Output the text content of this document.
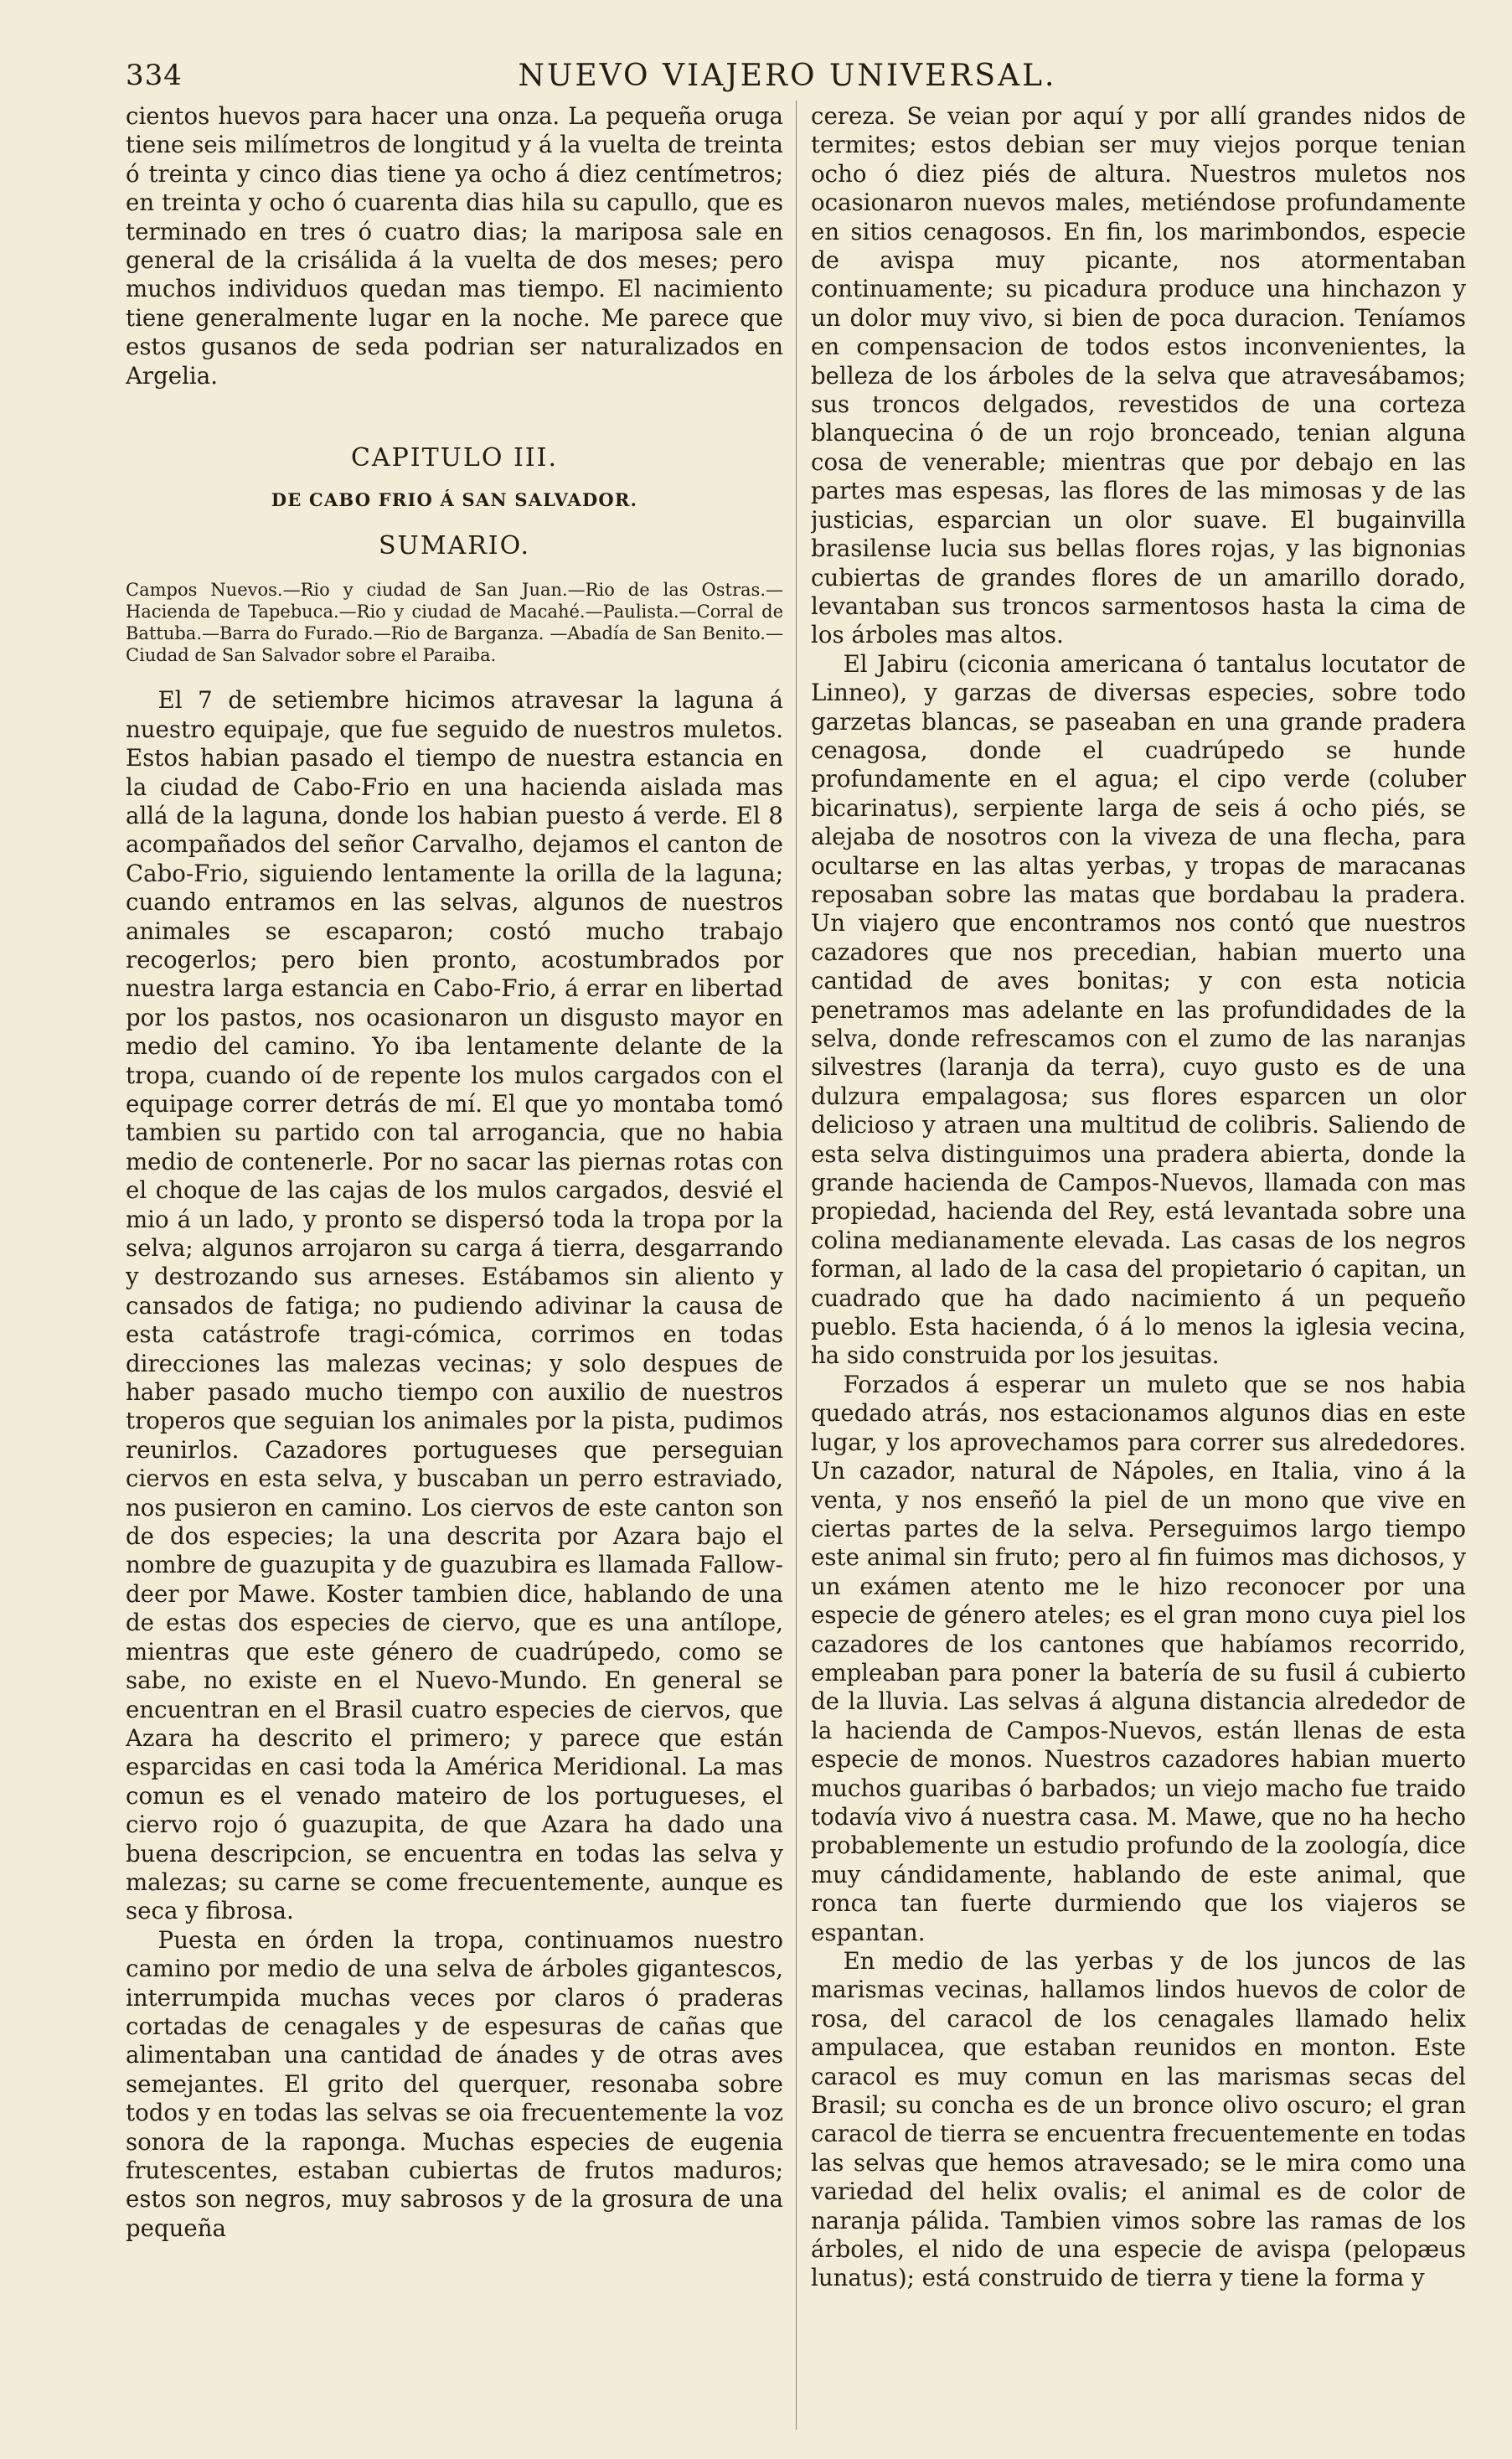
334	NUEVO VIAJERO UNIVERSAL.

cientos huevos para hacer una onza. La pequeña oruga tiene seis milímetros de longitud y á la vuelta de treinta ó treinta y cinco dias tiene ya ocho á diez centímetros; en treinta y ocho ó cuarenta dias hila su capullo, que es terminado en tres ó cuatro dias; la mariposa sale en general de la crisálida á la vuelta de dos meses; pero muchos individuos quedan mas tiempo. El nacimiento tiene generalmente lugar en la noche. Me parece que estos gusanos de seda podrian ser naturalizados en Argelia.

CAPITULO III.
DE CABO FRIO Á SAN SALVADOR.
SUMARIO.

Campos Nuevos.—Rio y ciudad de San Juan.—Rio de las Ostras.—Hacienda de Tapebuca.—Rio y ciudad de Macahé.—Paulista.—Corral de Battuba.—Barra do Furado.—Rio de Barganza. —Abadía de San Benito.—Ciudad de San Salvador sobre el Paraiba.

El 7 de setiembre hicimos atravesar la laguna á nuestro equipaje, que fue seguido de nuestros muletos. Estos habian pasado el tiempo de nuestra estancia en la ciudad de Cabo-Frio en una hacienda aislada mas allá de la laguna, donde los habian puesto á verde. El 8 acompañados del señor Carvalho, dejamos el canton de Cabo-Frio, siguiendo lentamente la orilla de la laguna; cuando entramos en las selvas, algunos de nuestros animales se escaparon; costó mucho trabajo recogerlos; pero bien pronto, acostumbrados por nuestra larga estancia en Cabo-Frio, á errar en libertad por los pastos, nos ocasionaron un disgusto mayor en medio del camino. Yo iba lentamente delante de la tropa, cuando oí de repente los mulos cargados con el equipage correr detrás de mí. El que yo montaba tomó tambien su partido con tal arrogancia, que no habia medio de contenerle. Por no sacar las piernas rotas con el choque de las cajas de los mulos cargados, desvié el mio á un lado, y pronto se dispersó toda la tropa por la selva; algunos arrojaron su carga á tierra, desgarrando y destrozando sus arneses. Estábamos sin aliento y cansados de fatiga; no pudiendo adivinar la causa de esta catástrofe tragi-cómica, corrimos en todas direcciones las malezas vecinas; y solo despues de haber pasado mucho tiempo con auxilio de nuestros troperos que seguian los animales por la pista, pudimos reunirlos. Cazadores portugueses que perseguian ciervos en esta selva, y buscaban un perro estraviado, nos pusieron en camino. Los ciervos de este canton son de dos especies; la una descrita por Azara bajo el nombre de guazupita y de guazubira es llamada Fallow-deer por Mawe. Koster tambien dice, hablando de una de estas dos especies de ciervo, que es una antílope, mientras que este género de cuadrúpedo, como se sabe, no existe en el Nuevo-Mundo. En general se encuentran en el Brasil cuatro especies de ciervos, que Azara ha descrito el primero; y parece que están esparcidas en casi toda la América Meridional. La mas comun es el venado mateiro de los portugueses, el ciervo rojo ó guazupita, de que Azara ha dado una buena descripcion, se encuentra en todas las selva y malezas; su carne se come frecuentemente, aunque es seca y fibrosa.

Puesta en órden la tropa, continuamos nuestro camino por medio de una selva de árboles gigantescos, interrumpida muchas veces por claros ó praderas cortadas de cenagales y de espesuras de cañas que alimentaban una cantidad de ánades y de otras aves semejantes. El grito del querquer, resonaba sobre todos y en todas las selvas se oia frecuentemente la voz sonora de la raponga. Muchas especies de eugenia frutescentes, estaban cubiertas de frutos maduros; estos son negros, muy sabrosos y de la grosura de una pequeña

cereza. Se veian por aquí y por allí grandes nidos de termites; estos debian ser muy viejos porque tenian ocho ó diez piés de altura. Nuestros muletos nos ocasionaron nuevos males, metiéndose profundamente en sitios cenagosos. En fin, los marimbondos, especie de avispa muy picante, nos atormentaban continuamente; su picadura produce una hinchazon y un dolor muy vivo, si bien de poca duracion. Teníamos en compensacion de todos estos inconvenientes, la belleza de los árboles de la selva que atravesábamos; sus troncos delgados, revestidos de una corteza blanquecina ó de un rojo bronceado, tenian alguna cosa de venerable; mientras que por debajo en las partes mas espesas, las flores de las mimosas y de las justicias, esparcian un olor suave. El bugainvilla brasilense lucia sus bellas flores rojas, y las bignonias cubiertas de grandes flores de un amarillo dorado, levantaban sus troncos sarmentosos hasta la cima de los árboles mas altos.

El Jabiru (ciconia americana ó tantalus locutator de Linneo), y garzas de diversas especies, sobre todo garzetas blancas, se paseaban en una grande pradera cenagosa, donde el cuadrúpedo se hunde profundamente en el agua; el cipo verde (coluber bicarinatus), serpiente larga de seis á ocho piés, se alejaba de nosotros con la viveza de una flecha, para ocultarse en las altas yerbas, y tropas de maracanas reposaban sobre las matas que bordabau la pradera. Un viajero que encontramos nos contó que nuestros cazadores que nos precedian, habian muerto una cantidad de aves bonitas; y con esta noticia penetramos mas adelante en las profundidades de la selva, donde refrescamos con el zumo de las naranjas silvestres (laranja da terra), cuyo gusto es de una dulzura empalagosa; sus flores esparcen un olor delicioso y atraen una multitud de colibris. Saliendo de esta selva distinguimos una pradera abierta, donde la grande hacienda de Campos-Nuevos, llamada con mas propiedad, hacienda del Rey, está levantada sobre una colina medianamente elevada. Las casas de los negros forman, al lado de la casa del propietario ó capitan, un cuadrado que ha dado nacimiento á un pequeño pueblo. Esta hacienda, ó á lo menos la iglesia vecina, ha sido construida por los jesuitas.

Forzados á esperar un muleto que se nos habia quedado atrás, nos estacionamos algunos dias en este lugar, y los aprovechamos para correr sus alrededores. Un cazador, natural de Nápoles, en Italia, vino á la venta, y nos enseñó la piel de un mono que vive en ciertas partes de la selva. Perseguimos largo tiempo este animal sin fruto; pero al fin fuimos mas dichosos, y un exámen atento me le hizo reconocer por una especie de género ateles; es el gran mono cuya piel los cazadores de los cantones que habíamos recorrido, empleaban para poner la batería de su fusil á cubierto de la lluvia. Las selvas á alguna distancia alrededor de la hacienda de Campos-Nuevos, están llenas de esta especie de monos. Nuestros cazadores habian muerto muchos guaribas ó barbados; un viejo macho fue traido todavía vivo á nuestra casa. M. Mawe, que no ha hecho probablemente un estudio profundo de la zoología, dice muy cándidamente, hablando de este animal, que ronca tan fuerte durmiendo que los viajeros se espantan.

En medio de las yerbas y de los juncos de las marismas vecinas, hallamos lindos huevos de color de rosa, del caracol de los cenagales llamado helix ampulacea, que estaban reunidos en monton. Este caracol es muy comun en las marismas secas del Brasil; su concha es de un bronce olivo oscuro; el gran caracol de tierra se encuentra frecuentemente en todas las selvas que hemos atravesado; se le mira como una variedad del helix ovalis; el animal es de color de naranja pálida. Tambien vimos sobre las ramas de los árboles, el nido de una especie de avispa (pelopæus lunatus); está construido de tierra y tiene la forma y
